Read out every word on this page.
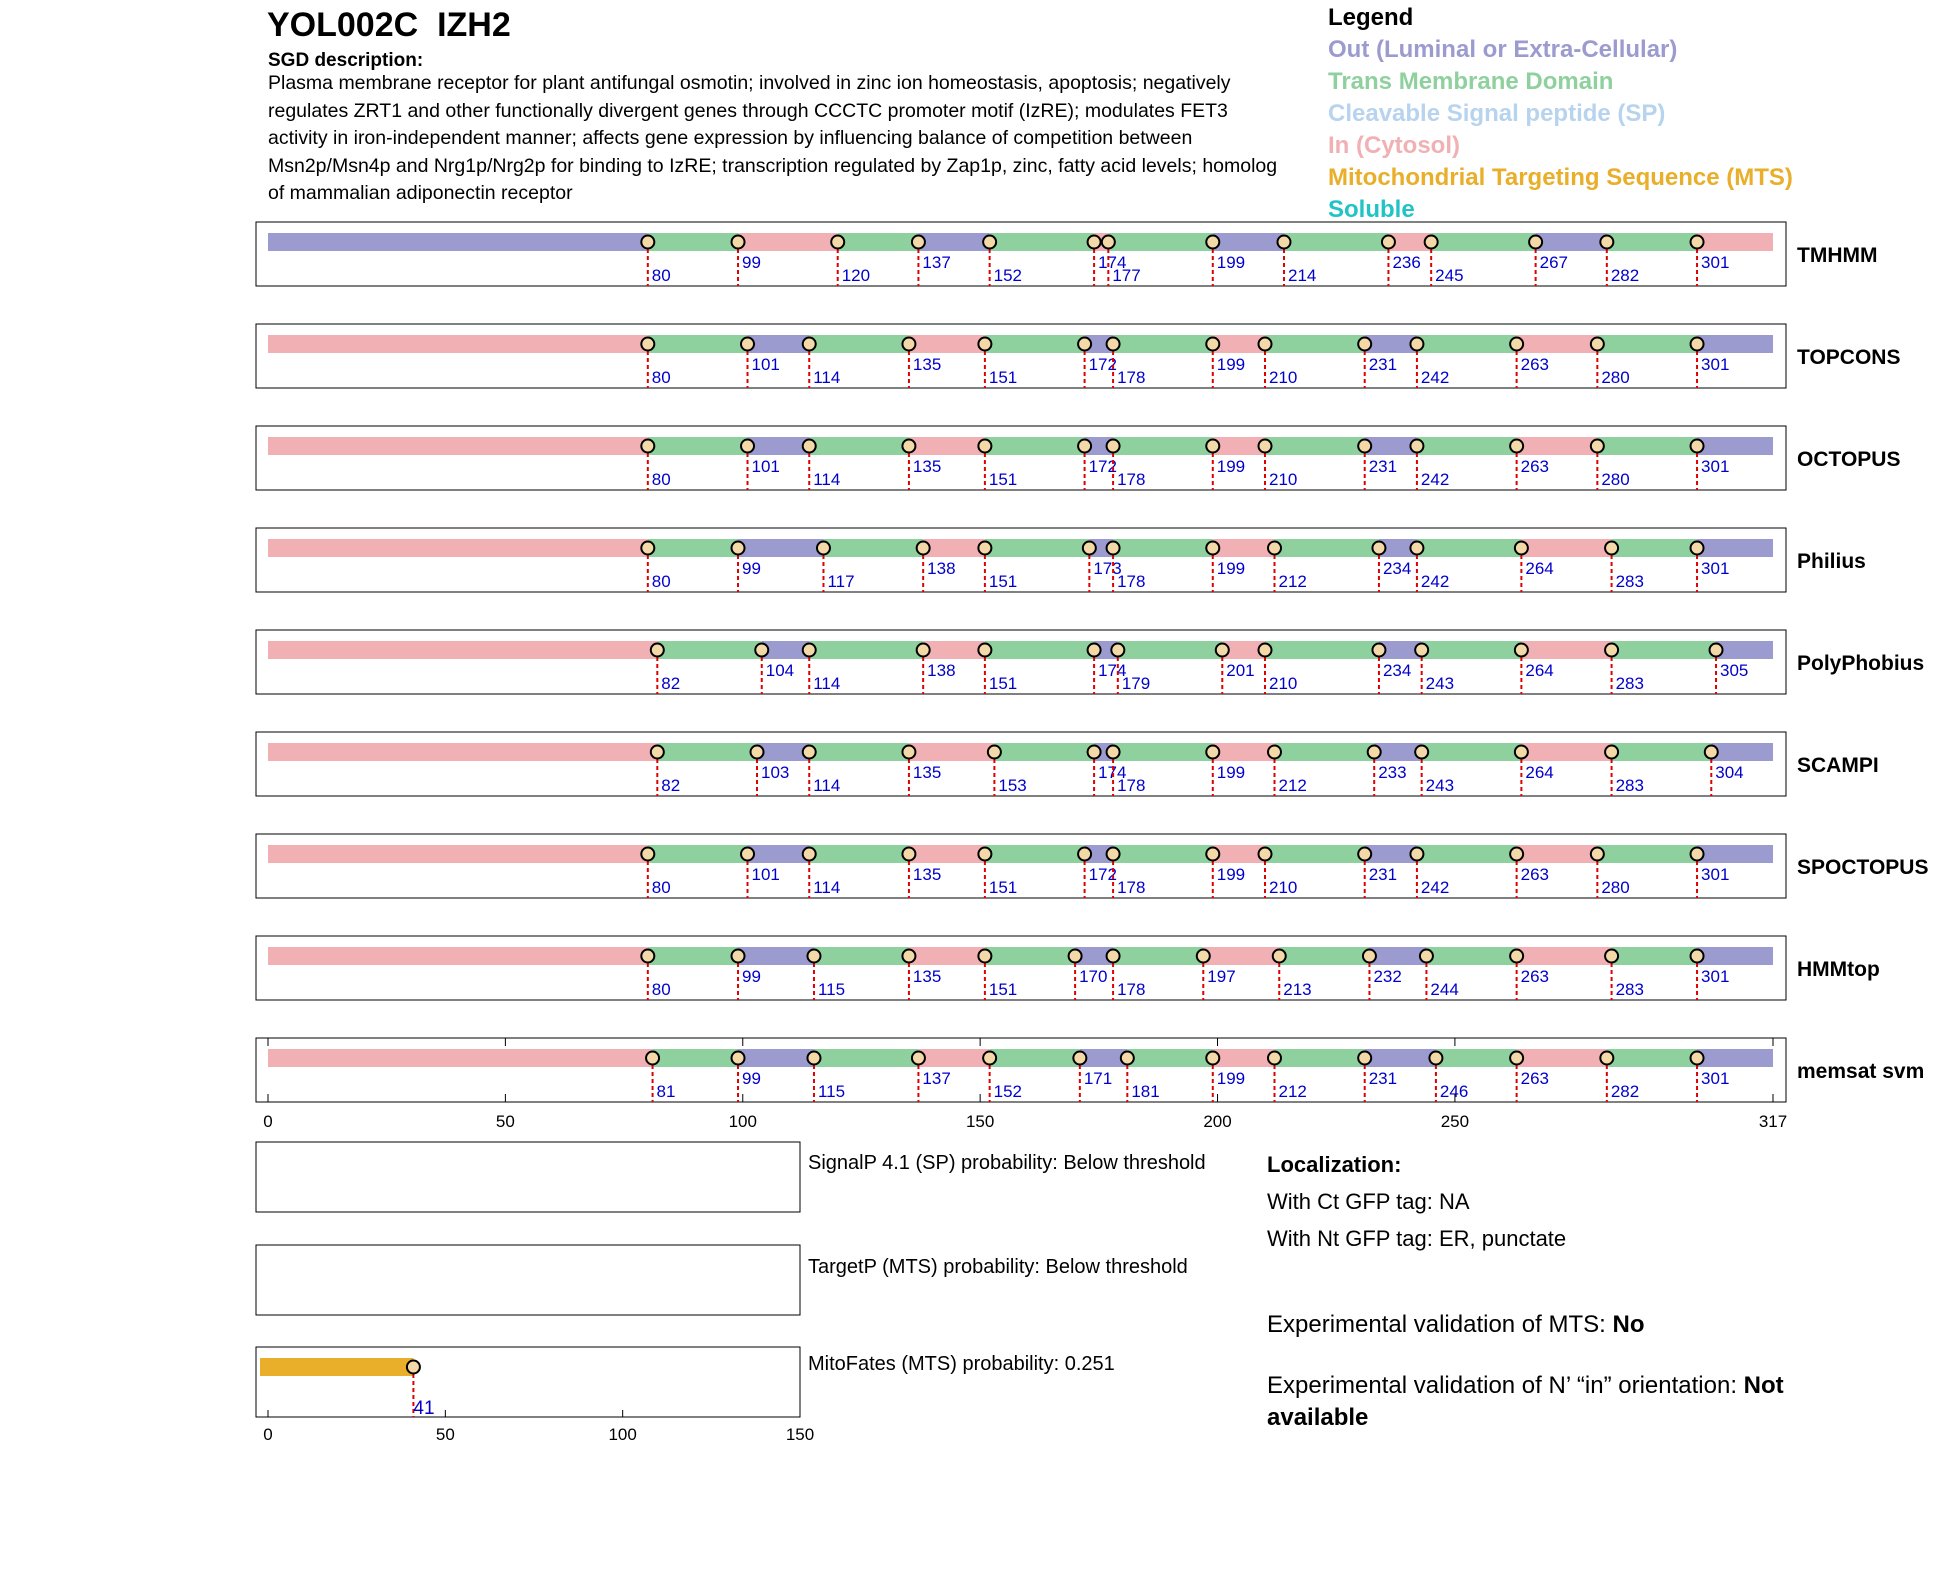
YOL002C  IZH2
SGD description:
Plasma membrane receptor for plant antifungal osmotin; involved in zinc ion homeostasis, apoptosis; negatively regulates ZRT1 and other functionally divergent genes through CCCTC promoter motif (IzRE); modulates FET3 activity in iron-independent manner; affects gene expression by influencing balance of competition between Msn2p/Msn4p and Nrg1p/Nrg2p for binding to IzRE; transcription regulated by Zap1p, zinc, fatty acid levels; homolog of mammalian adiponectin receptor
Legend
Out (Luminal or Extra-Cellular)
Trans Membrane Domain
Cleavable Signal peptide (SP)
In (Cytosol)
Mitochondrial Targeting Sequence (MTS)
Soluble
80
99
120
137
152
174
177
199
214
236
245
267
282
301	TMHMM
80
101
114
135
151
172
178
199
210
231
242
263
280
301	TOPCONS
80
101
114
135
151
172
178
199
210
231
242
263
280
301	OCTOPUS
80
99
117
138
151
173
178
199
212
234
242
264
283
301	Philius
82
104
114
138
151
174
179
201
210
234
243
264
283
305 PolyPhobius
82
103
114
135
153
174
178
199
212
233
243
264
283
304	SCAMPI
80
101
114
135
151
172
178
199
210
231
242
263
280
301	SPOCTOPUS
80
99
115
135
151
170
178
197
213
232
244
263
283
301	HMMtop
81
99
115
137
152
171
181
199
212
231
246
263
282
301	memsat svm
0	50	100	150	200	250	317
41
0	50	100	150
SignalP 4.1 (SP) probability: Below threshold
TargetP (MTS) probability: Below threshold
MitoFates (MTS) probability: 0.251
Localization:
With Ct GFP tag: NA
With Nt GFP tag: ER, punctate
Experimental validation of MTS: No
Experimental validation of N’ “in” orientation: Not available
